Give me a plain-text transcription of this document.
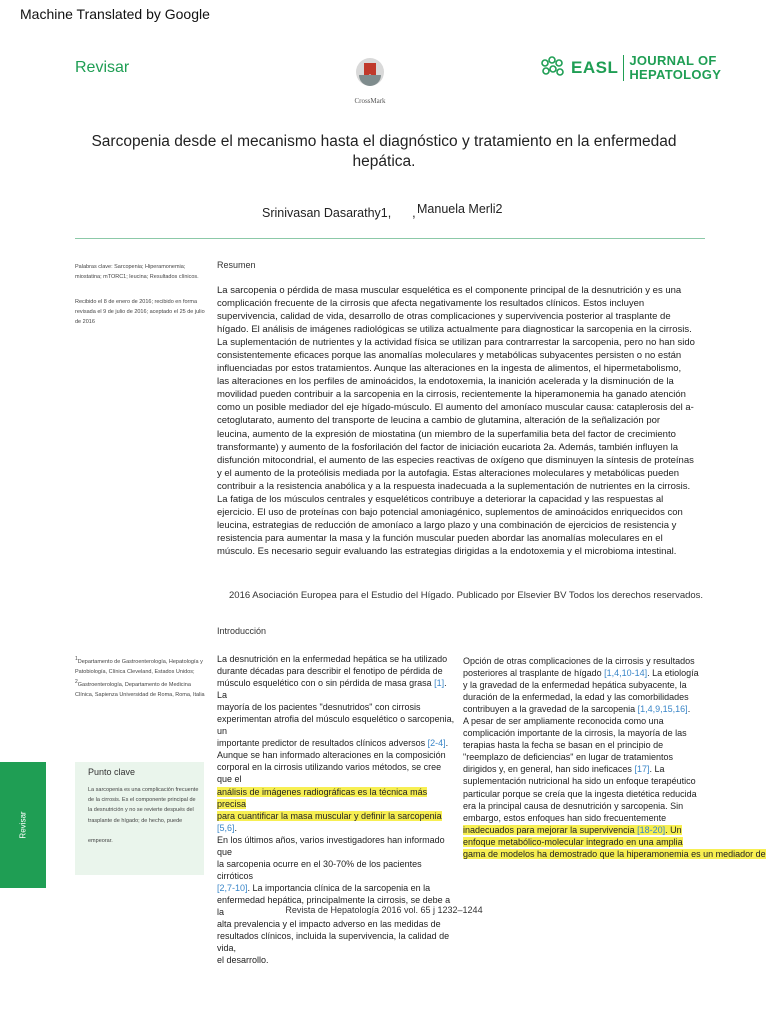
Machine Translated by Google
Revisar
CrossMark
EASL JOURNAL OF
HEPATOLOGY
Sarcopenia desde el mecanismo hasta el diagnóstico y tratamiento en la enfermedad hepática.
Srinivasan Dasarathy1, , Manuela Merli2
Palabras clave: Sarcopenia; Hiperamonemia; miostatina; mTORC1; leucina; Resultados clínicos.
Recibido el 8 de enero de 2016; recibido en forma revisada el 9 de julio de 2016; aceptado el 25 de julio de 2016
Resumen
La sarcopenia o pérdida de masa muscular esquelética es el componente principal de la desnutrición y es una complicación frecuente de la cirrosis que afecta negativamente los resultados clínicos. Estos incluyen supervivencia, calidad de vida, desarrollo de otras complicaciones y supervivencia posterior al trasplante de hígado. El análisis de imágenes radiológicas se utiliza actualmente para diagnosticar la sarcopenia en la cirrosis. La suplementación de nutrientes y la actividad física se utilizan para contrarrestar la sarcopenia, pero no han sido consistentemente eficaces porque las anomalías moleculares y metabólicas subyacentes persisten o no están influenciadas por estos tratamientos. Aunque las alteraciones en la ingesta de alimentos, el hipermetabolismo, las alteraciones en los perfiles de aminoácidos, la endotoxemia, la inanición acelerada y la disminución de la movilidad pueden contribuir a la sarcopenia en la cirrosis, recientemente la hiperamonemia ha ganado atención como un posible mediador del eje hígado-músculo. El aumento del amoníaco muscular causa: cataplerosis del a-cetoglutarato, aumento del transporte de leucina a cambio de glutamina, alteración de la señalización por leucina, aumento de la expresión de miostatina (un miembro de la superfamilia beta del factor de crecimiento transformante) y aumento de la fosforilación del factor de iniciación eucariota 2a. Además, también influyen la disfunción mitocondrial, el aumento de las especies reactivas de oxígeno que disminuyen la síntesis de proteínas y el aumento de la proteólisis mediada por la autofagia. Estas alteraciones moleculares y metabólicas pueden contribuir a la resistencia anabólica y a la respuesta inadecuada a la suplementación de nutrientes en la cirrosis. La fatiga de los músculos centrales y esqueléticos contribuye a deteriorar la capacidad y las respuestas al ejercicio. El uso de proteínas con bajo potencial amoniagénico, suplementos de aminoácidos enriquecidos con leucina, estrategias de reducción de amoníaco a largo plazo y una combinación de ejercicios de resistencia y resistencia para aumentar la masa y la función muscular pueden abordar las anomalías moleculares en el músculo. Es necesario seguir evaluando las estrategias dirigidas a la endotoxemia y el microbioma intestinal.
2016 Asociación Europea para el Estudio del Hígado. Publicado por Elsevier BV Todos los derechos reservados.
Introducción
$^1$Departamento de Gastroenterología, Hepatología y Patobiología, Clínica Cleveland, Estados Unidos;
$^2$Gastroenterología, Departamento de Medicina Clínica, Sapienza Universidad de Roma, Roma, Italia
Revisar
Punto clave

La sarcopenia es una complicación frecuente de la cirrosis. Es el componente principal de la desnutrición y no se revierte después del trasplante de hígado; de hecho, puede

empeorar.

La desnutrición en la enfermedad hepática se ha utilizado
durante décadas para describir el fenotipo de pérdida de
músculo esquelético con o sin pérdida de masa grasa [1]. La
mayoría de los pacientes "desnutridos" con cirrosis
experimentan atrofia del músculo esquelético o sarcopenia, un
importante predictor de resultados clínicos adversos [2-4].
Aunque se han informado alteraciones en la composición
corporal en la cirrosis utilizando varios métodos, se cree que el
análisis de imágenes radiográficas es la técnica más precisa
para cuantificar la masa muscular y definir la sarcopenia [5,6].
En los últimos años, varios investigadores han informado que
la sarcopenia ocurre en el 30-70% de los pacientes cirróticos
[2,7-10]. La importancia clínica de la sarcopenia en la
enfermedad hepática, principalmente la cirrosis, se debe a la
alta prevalencia y el impacto adverso en las medidas de
resultados clínicos, incluida la supervivencia, la calidad de vida,
el desarrollo.
Opción de otras complicaciones de la cirrosis y resultados
posteriores al trasplante de hígado [1,4,10-14]. La etiología
y la gravedad de la enfermedad hepática subyacente, la
duración de la enfermedad, la edad y las comorbilidades
contribuyen a la gravedad de la sarcopenia [1,4,9,15,16].
A pesar de ser ampliamente reconocida como una
complicación importante de la cirrosis, la mayoría de las
terapias hasta la fecha se basan en el principio de
"reemplazo de deficiencias" en lugar de tratamientos
dirigidos y, en general, han sido ineficaces [17]. La
suplementación nutricional ha sido un enfoque terapéutico
particular porque se creía que la ingesta dietética reducida
era la principal causa de desnutrición y sarcopenia. Sin
embargo, estos enfoques han sido frecuentemente
inadecuados para mejorar la supervivencia [18-20]. Un
enfoque metabólico-molecular integrado en una amplia
gama de modelos ha demostrado que la hiperamonemia es un mediador de
Revista de Hepatología 2016 vol. 65 j 1232–1244
